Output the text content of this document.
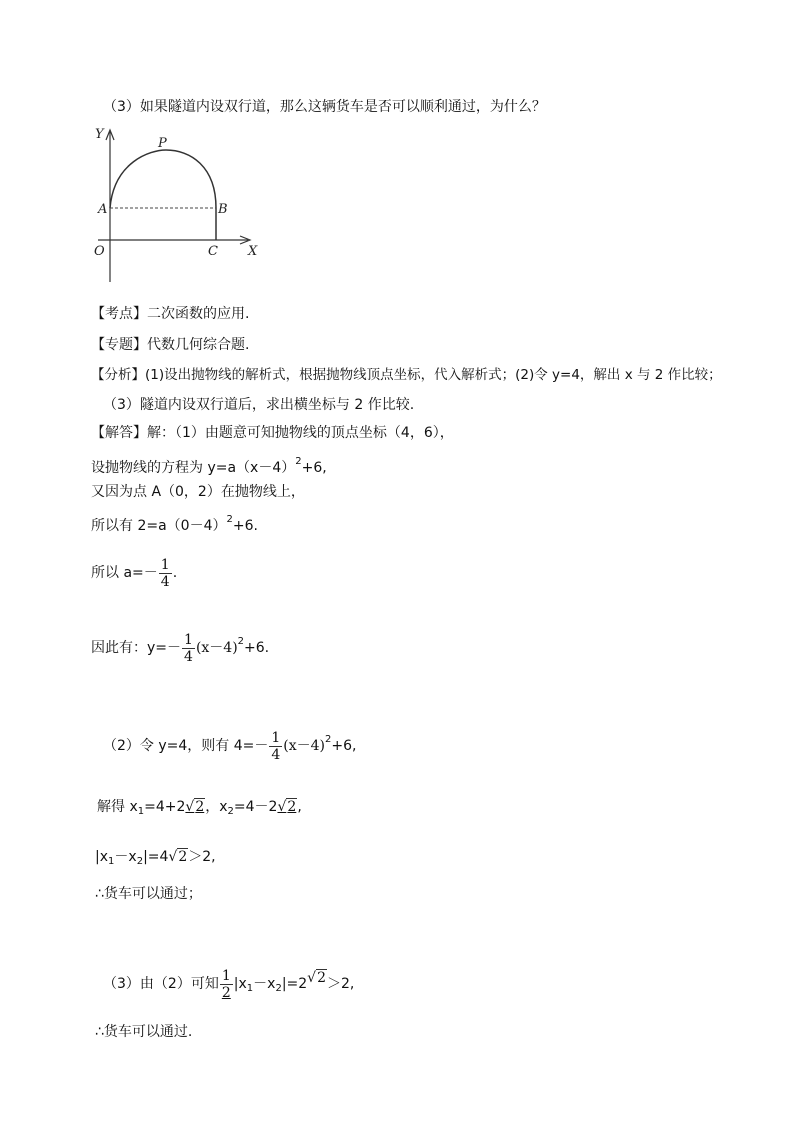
（3）如果隧道内设双行道，那么这辆货车是否可以顺利通过，为什么？
Y
P
A	B
O	C X
【考点】二次函数的应用.
【专题】代数几何综合题.
【分析】(1)设出抛物线的解析式，根据抛物线顶点坐标，代入解析式；(2)令 y=4，解出 x 与 2 作比较；
（3）隧道内设双行道后，求出横坐标与 2 作比较.
【解答】解：（1）由题意可知抛物线的顶点坐标（4，6），
设抛物线的方程为 $y=a(x-4)^2+6$,
又因为点 A（0，2）在抛物线上，
所以有 $2=a(0-4)^2+6$.
所以 $a=- \frac{1}{4}$ .
因此有：$y=- \frac{1}{4} (x-4)^2+6$.
（2）令 y=4，则有 $4=- \frac{1}{4} (x-4)^2+6$,
解得 $x_1=4+2√2$，$x_2=4-2√2$,
$|x_1-x_2|=4√2>2$,
∴货车可以通过；
（3）由（2）可知 $\frac{1}{2} |x_1-x_2|=2√2>2$,
∴货车可以通过.
